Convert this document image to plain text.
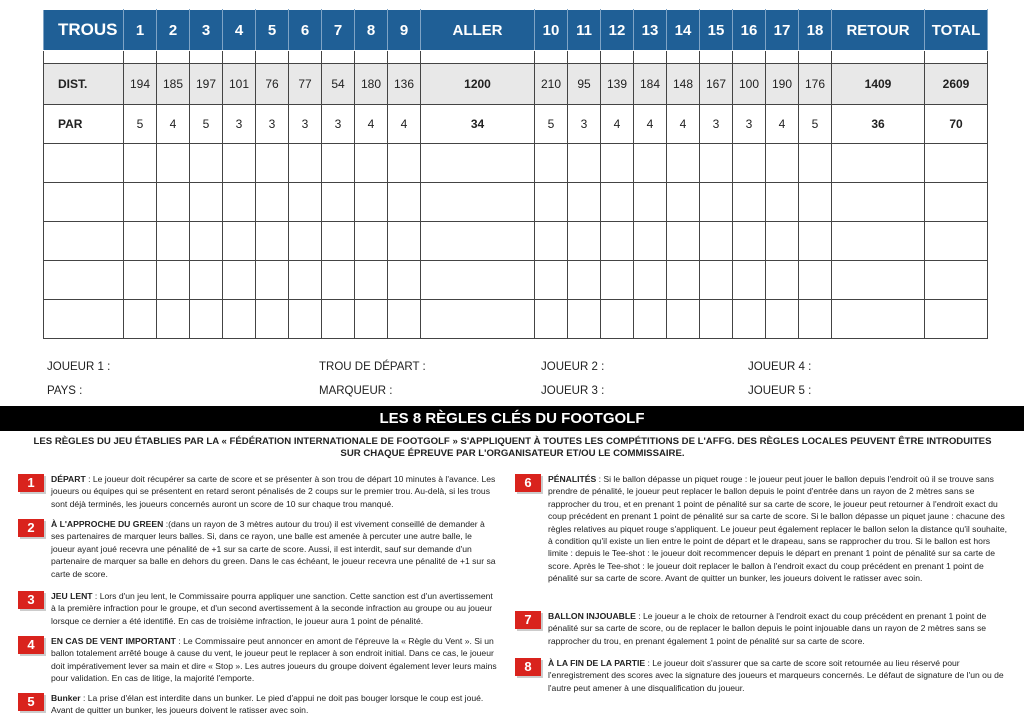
TROUS	1	2	3	4	5	6	7	8	9	ALLER	10	11	12	13	14	15	16	17	18	RETOUR	TOTAL

DIST.	194	185	197	101	76	77	54	180	136	1200	210	95	139	184	148	167	100	190	176	1409	2609
PAR	5	4	5	3	3	3	3	4	4	34	5	3	4	4	4	3	3	4	5	36	70

JOUEUR 1 :	TROU DE DÉPART :	JOUEUR 2 :	JOUEUR 4 :
PAYS :	MARQUEUR :	JOUEUR 3 :	JOUEUR 5 :
LES 8 RÈGLES CLÉS DU FOOTGOLF
LES RÈGLES DU JEU ÉTABLIES PAR LA « FÉDÉRATION INTERNATIONALE DE FOOTGOLF » S'APPLIQUENT À TOUTES LES COMPÉTITIONS DE L'AFFG. DES RÈGLES LOCALES PEUVENT ÊTRE INTRODUITES SUR CHAQUE ÉPREUVE PAR L'ORGANISATEUR ET/OU LE COMMISSAIRE.
1	DÉPART : Le joueur doit récupérer sa carte de score et se présenter à son trou de départ 10 minutes à l'avance. Les joueurs ou équipes qui se présentent en retard seront pénalisés de 2 coups sur le premier trou. Au-delà, si les trous sont déjà terminés, les joueurs concernés auront un score de 10 sur chaque trou manqué.
2	À L'APPROCHE DU GREEN :(dans un rayon de 3 mètres autour du trou) il est vivement conseillé de demander à ses partenaires de marquer leurs balles. Si, dans ce rayon, une balle est amenée à percuter une autre balle, le joueur ayant joué recevra une pénalité de +1 sur sa carte de score. Aussi, il est interdit, sauf sur demande d'un partenaire de marquer sa balle en dehors du green. Dans le cas échéant, le joueur recevra une pénalité de +1 sur sa carte de score.
3	JEU LENT : Lors d'un jeu lent, le Commissaire pourra appliquer une sanction. Cette sanction est d'un avertissement à la première infraction pour le groupe, et d'un second avertissement à la seconde infraction au groupe ou au joueur lorsque ce dernier a été identifié. En cas de troisième infraction, le joueur aura 1 point de pénalité.
4	EN CAS DE VENT IMPORTANT : Le Commissaire peut annoncer en amont de l'épreuve la « Règle du Vent ». Si un ballon totalement arrêté bouge à cause du vent, le joueur peut le replacer à son endroit initial. Dans ce cas, le joueur doit impérativement lever sa main et dire « Stop ». Les autres joueurs du groupe doivent également lever leurs mains pour validation. En cas de litige, la majorité l'emporte.
5	Bunker : La prise d'élan est interdite dans un bunker. Le pied d'appui ne doit pas bouger lorsque le coup est joué. Avant de quitter un bunker, les joueurs doivent le ratisser avec soin.
6	PÉNALITÉS : Si le ballon dépasse un piquet rouge : le joueur peut jouer le ballon depuis l'endroit où il se trouve sans prendre de pénalité, le joueur peut replacer le ballon depuis le point d'entrée dans un rayon de 2 mètres sans se rapprocher du trou, et en prenant 1 point de pénalité sur sa carte de score, le joueur peut retourner à l'endroit exact du coup précédent en prenant 1 point de pénalité sur sa carte de score. Si le ballon dépasse un piquet jaune : chacune des règles relatives au piquet rouge s'appliquent. Le joueur peut également replacer le ballon selon la distance qu'il souhaite, à condition qu'il existe un lien entre le point de départ et le drapeau, sans se rapprocher du trou. Si le ballon est hors limite : depuis le Tee-shot : le joueur doit recommencer depuis le départ en prenant 1 point de pénalité sur sa carte de score. Après le Tee-shot : le joueur doit replacer le ballon à l'endroit exact du coup précédent en prenant 1 point de pénalité sur sa carte de score. Avant de quitter un bunker, les joueurs doivent le ratisser avec soin.
7	BALLON INJOUABLE : Le joueur a le choix de retourner à l'endroit exact du coup précédent en prenant 1 point de pénalité sur sa carte de score, ou de replacer le ballon depuis le point injouable dans un rayon de 2 mètres sans se rapprocher du trou, en prenant également 1 point de pénalité sur sa carte de score.
8	À LA FIN DE LA PARTIE : Le joueur doit s'assurer que sa carte de score soit retournée au lieu réservé pour l'enregistrement des scores avec la signature des joueurs et marqueurs concernés. Le défaut de signature de l'un ou de l'autre peut amener à une disqualification du joueur.
